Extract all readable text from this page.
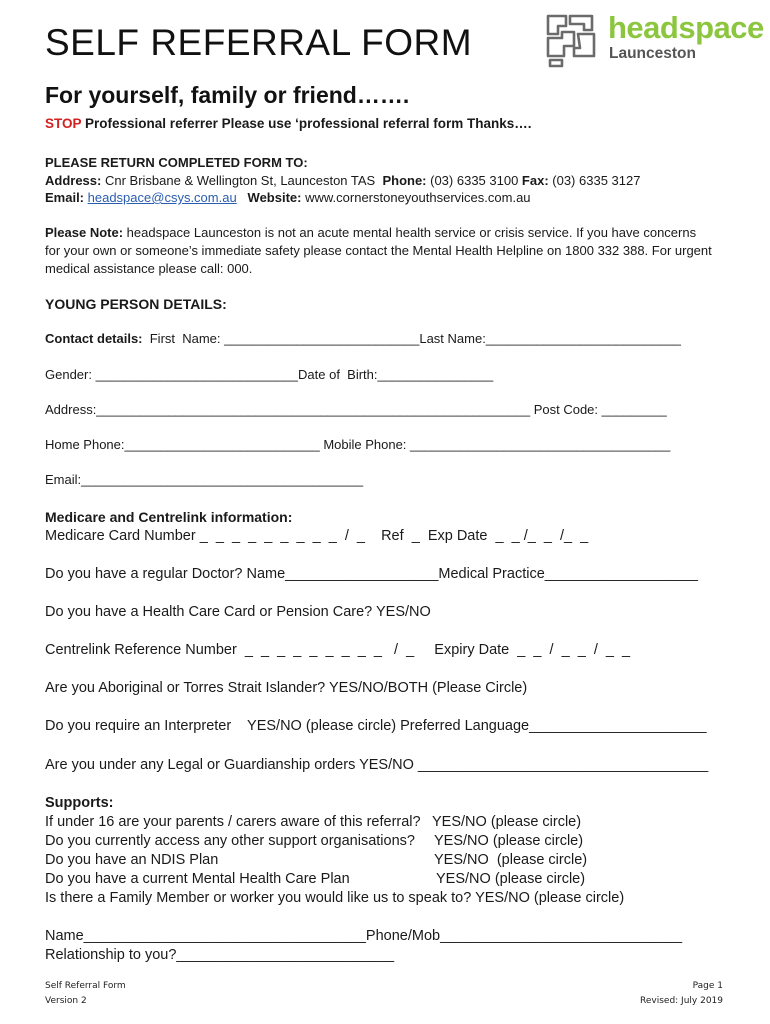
SELF REFERRAL FORM	headspace
Launceston
For yourself, family or friend…….
STOP Professional referrer Please use ‘professional referral form Thanks….
PLEASE RETURN COMPLETED FORM TO:
Address: Cnr Brisbane & Wellington St, Launceston TAS  Phone: (03) 6335 3100 Fax: (03) 6335 3127
Email: headspace@csys.com.au Website: www.cornerstoneyouthservices.com.au
Please Note: headspace Launceston is not an acute mental health service or crisis service. If you have concerns
for your own or someone’s immediate safety please contact the Mental Health Helpline on 1800 332 388. For urgent
medical assistance please call: 000.
YOUNG PERSON DETAILS:
Contact details:  First  Name: ___________________________Last Name:___________________________
Gender: ____________________________Date of  Birth:________________
Address:____________________________________________________________ Post Code: _________
Home Phone:___________________________ Mobile Phone: ____________________________________
Email:_______________________________________
Medicare and Centrelink information:
Medicare Card Number _  _  _  _  _  _  _  _  _  /  _    Ref  _  Exp Date  _  _ /_  _  /_  _
Do you have a regular Doctor? Name___________________Medical Practice___________________
Do you have a Health Care Card or Pension Care? YES/NO
Centrelink Reference Number  _  _  _  _  _  _  _  _  _   /  _     Expiry Date  _  _  /  _  _  /  _  _
Are you Aboriginal or Torres Strait Islander? YES/NO/BOTH (Please Circle)
Do you require an Interpreter    YES/NO (please circle) Preferred Language______________________
Are you under any Legal or Guardianship orders YES/NO ____________________________________
Supports:
If under 16 are your parents / carers aware of this referral? YES/NO (please circle)
Do you currently access any other support organisations? YES/NO (please circle)
Do you have an NDIS Plan	YES/NO  (please circle)
Do you have a current Mental Health Care Plan	YES/NO (please circle)
Is there a Family Member or worker you would like us to speak to? YES/NO (please circle)
Name___________________________________Phone/Mob______________________________
Relationship to you?___________________________
Self Referral Form
Version 2
Page 1
Revised: July 2019
